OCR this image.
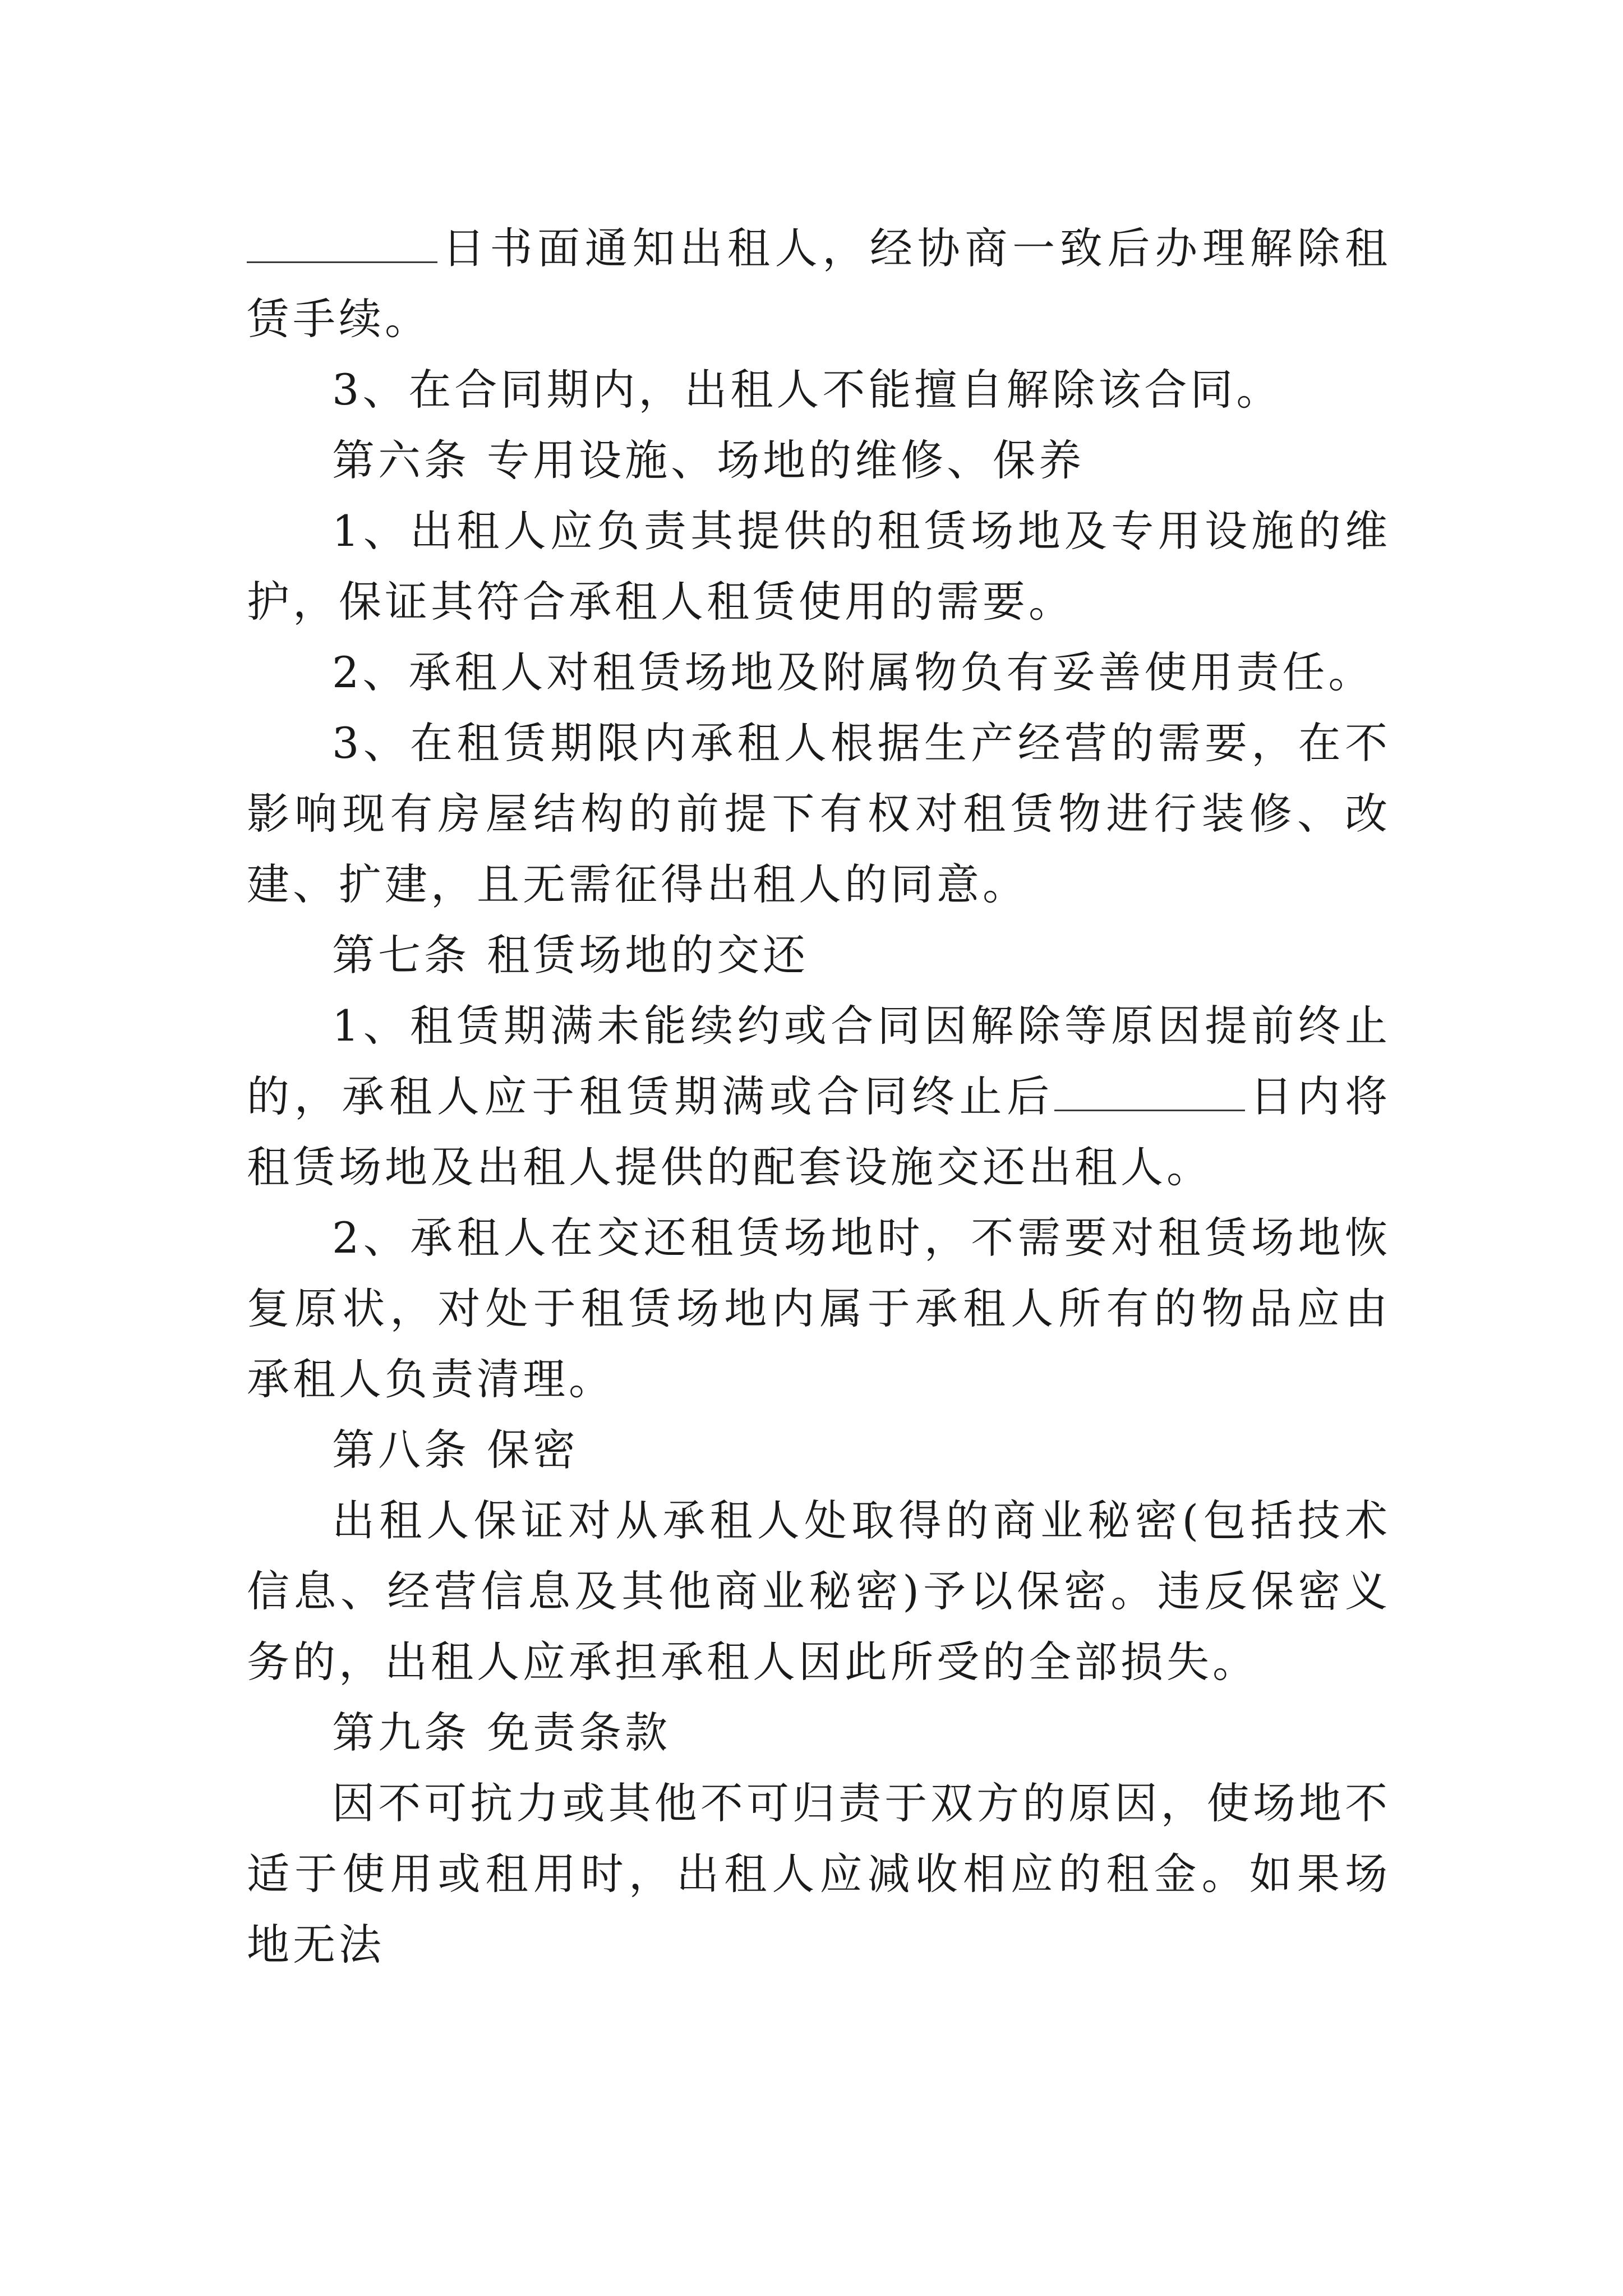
日书面通知出租人，经协商一致后办理解除租赁手续。

3、在合同期内，出租人不能擅自解除该合同。

第六条 专用设施、场地的维修、保养

1、出租人应负责其提供的租赁场地及专用设施的维护，保证其符合承租人租赁使用的需要。

2、承租人对租赁场地及附属物负有妥善使用责任。

3、在租赁期限内承租人根据生产经营的需要，在不影响现有房屋结构的前提下有权对租赁物进行装修、改建、扩建，且无需征得出租人的同意。

第七条 租赁场地的交还

1、租赁期满未能续约或合同因解除等原因提前终止的，承租人应于租赁期满或合同终止后	日内将租赁场地及出租人提供的配套设施交还出租人。

2、承租人在交还租赁场地时，不需要对租赁场地恢复原状，对处于租赁场地内属于承租人所有的物品应由承租人负责清理。

第八条 保密

出租人保证对从承租人处取得的商业秘密(包括技术信息、经营信息及其他商业秘密)予以保密。违反保密义务的，出租人应承担承租人因此所受的全部损失。

第九条 免责条款

因不可抗力或其他不可归责于双方的原因，使场地不适于使用或租用时，出租人应减收相应的租金。如果场地无法
